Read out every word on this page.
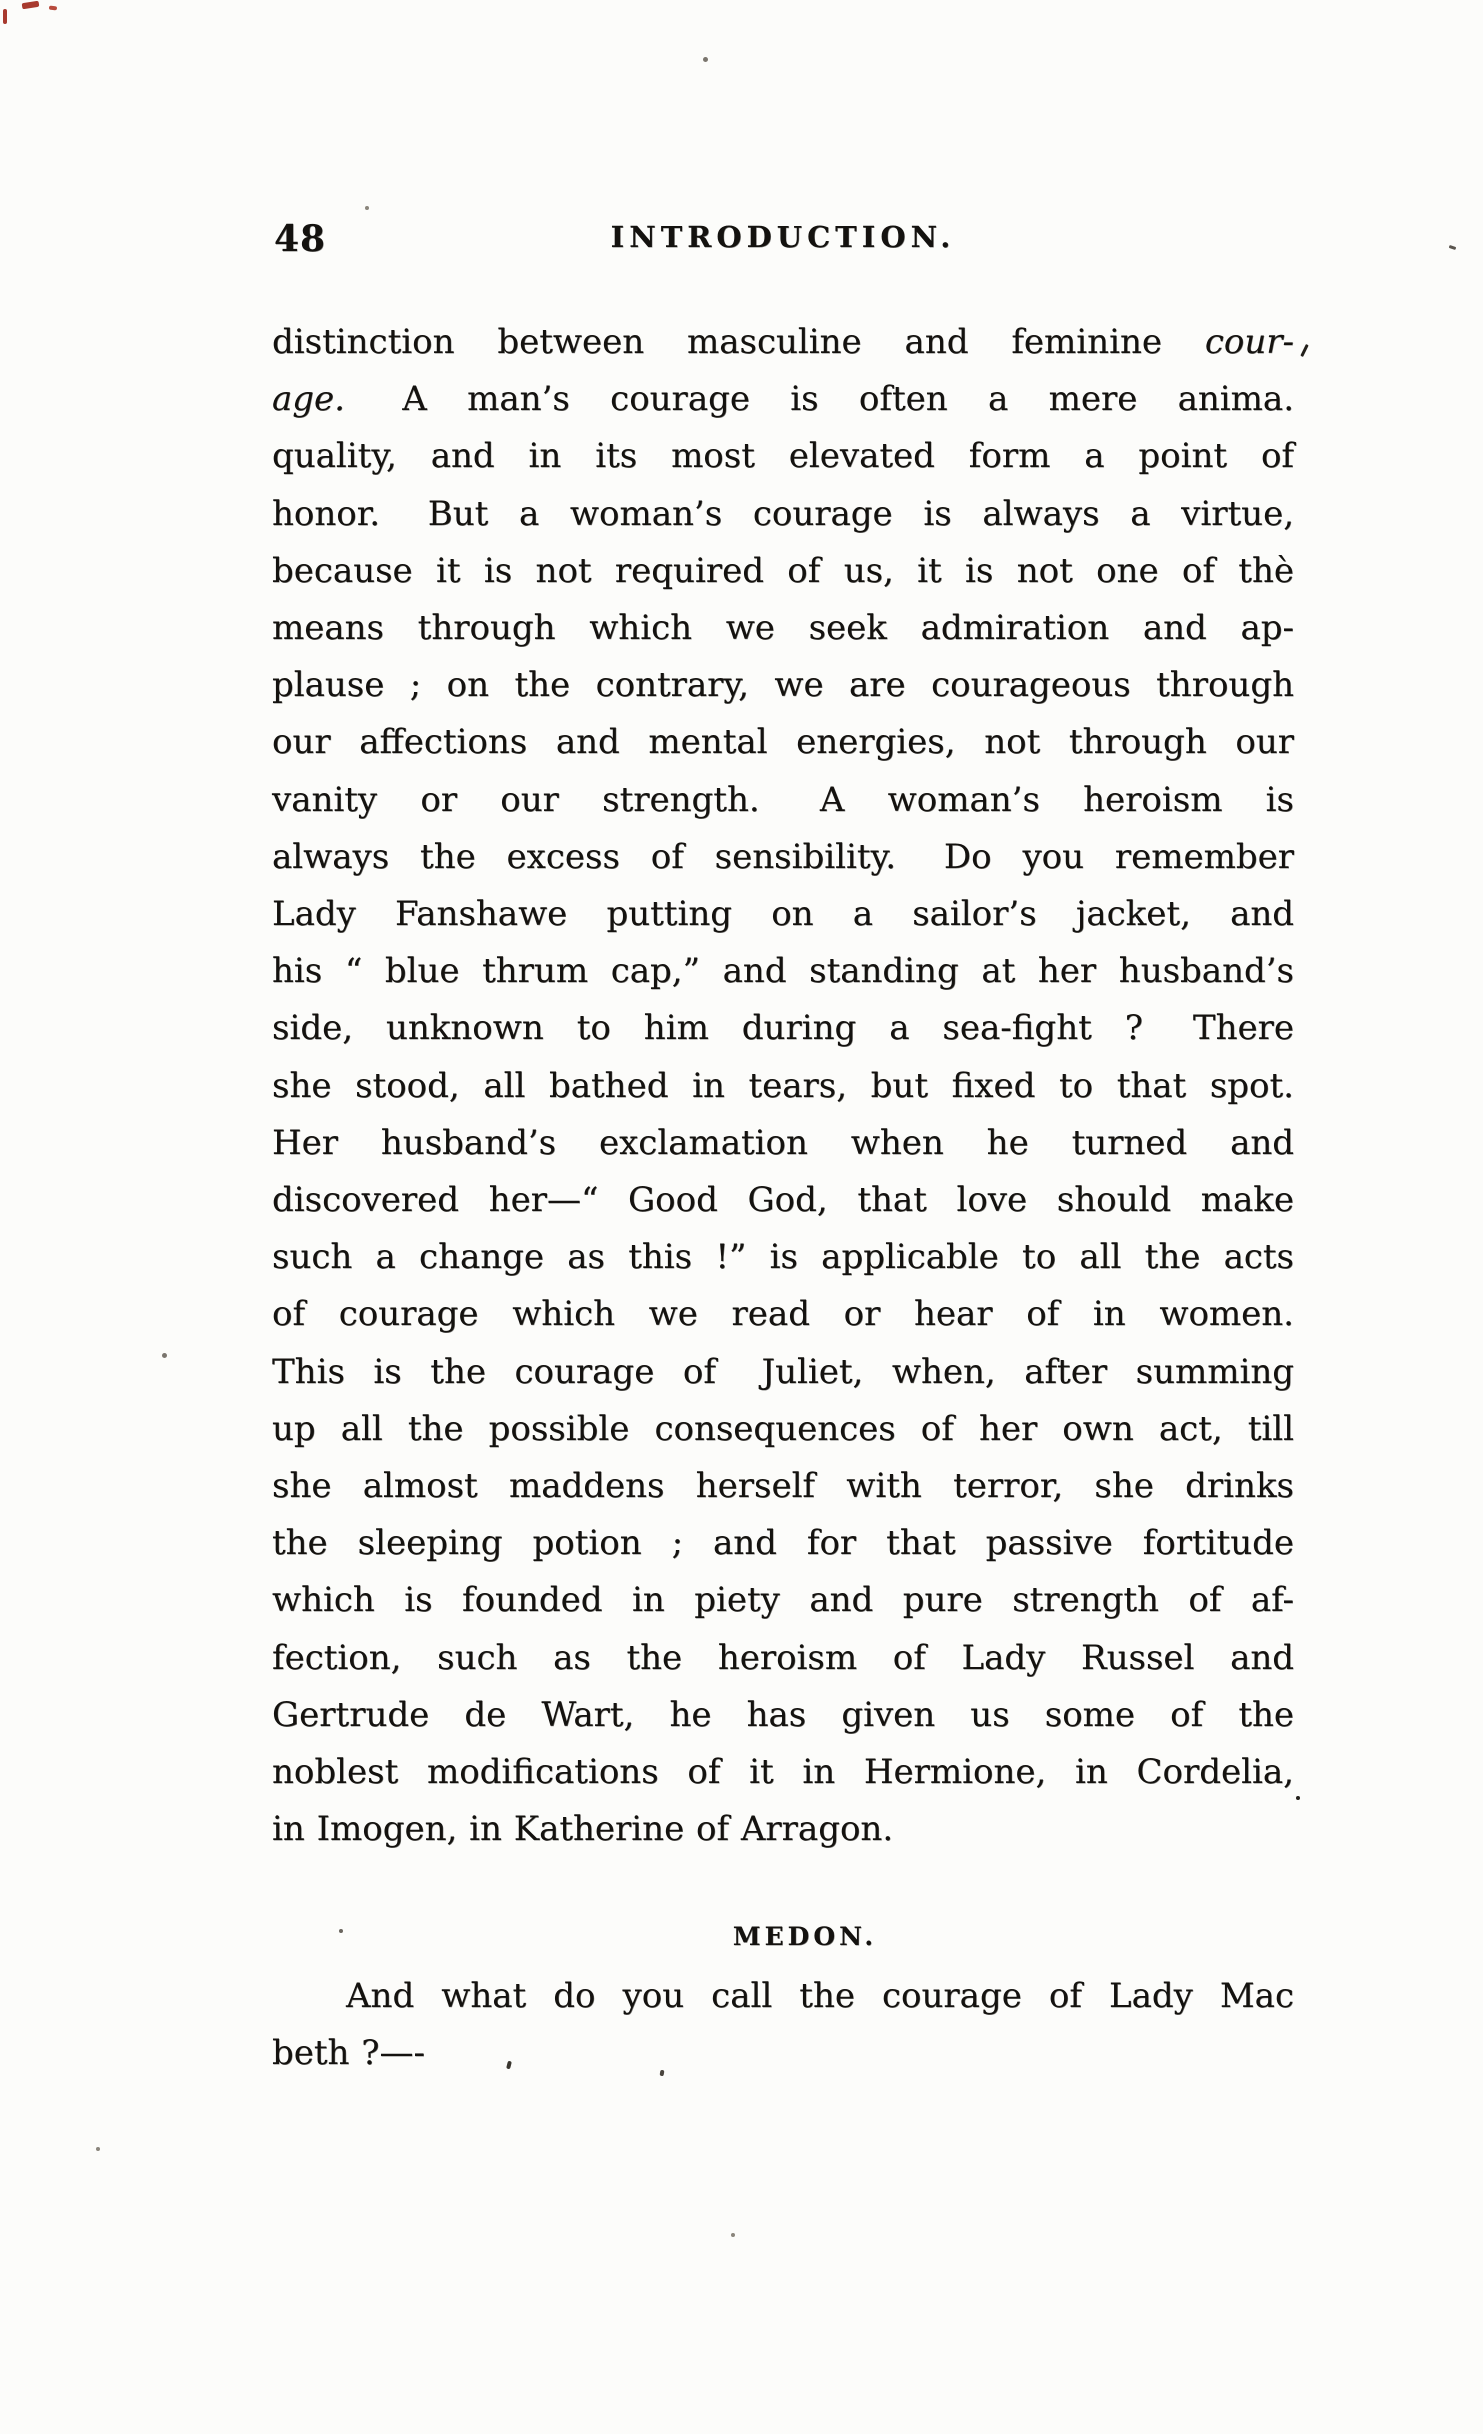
48	INTRODUCTION.
distinction between masculine and feminine cour-
age.  A man’s courage is often a mere anima.
quality, and in its most elevated form a point of
honor.  But a woman’s courage is always a virtue,
because it is not required of us, it is not one of thè
means through which we seek admiration and ap-
plause ; on the contrary, we are courageous through
our affections and mental energies, not through our
vanity or our strength.  A woman’s heroism is
always the excess of sensibility.  Do you remember
Lady Fanshawe putting on a sailor’s jacket, and
his “ blue thrum cap,” and standing at her husband’s
side, unknown to him during a sea-fight ?  There
she stood, all bathed in tears, but fixed to that spot.
Her husband’s exclamation when he turned and
discovered her—“ Good God, that love should make
such a change as this !” is applicable to all the acts
of courage which we read or hear of in women.
This is the courage of  Juliet, when, after summing
up all the possible consequences of her own act, till
she almost maddens herself with terror, she drinks
the sleeping potion ; and for that passive fortitude
which is founded in piety and pure strength of af-
fection, such as the heroism of Lady Russel and
Gertrude de Wart, he has given us some of the
noblest modifications of it in Hermione, in Cordelia,
in Imogen, in Katherine of Arragon.
MEDON.
And what do you call the courage of Lady Mac
beth ?—-
